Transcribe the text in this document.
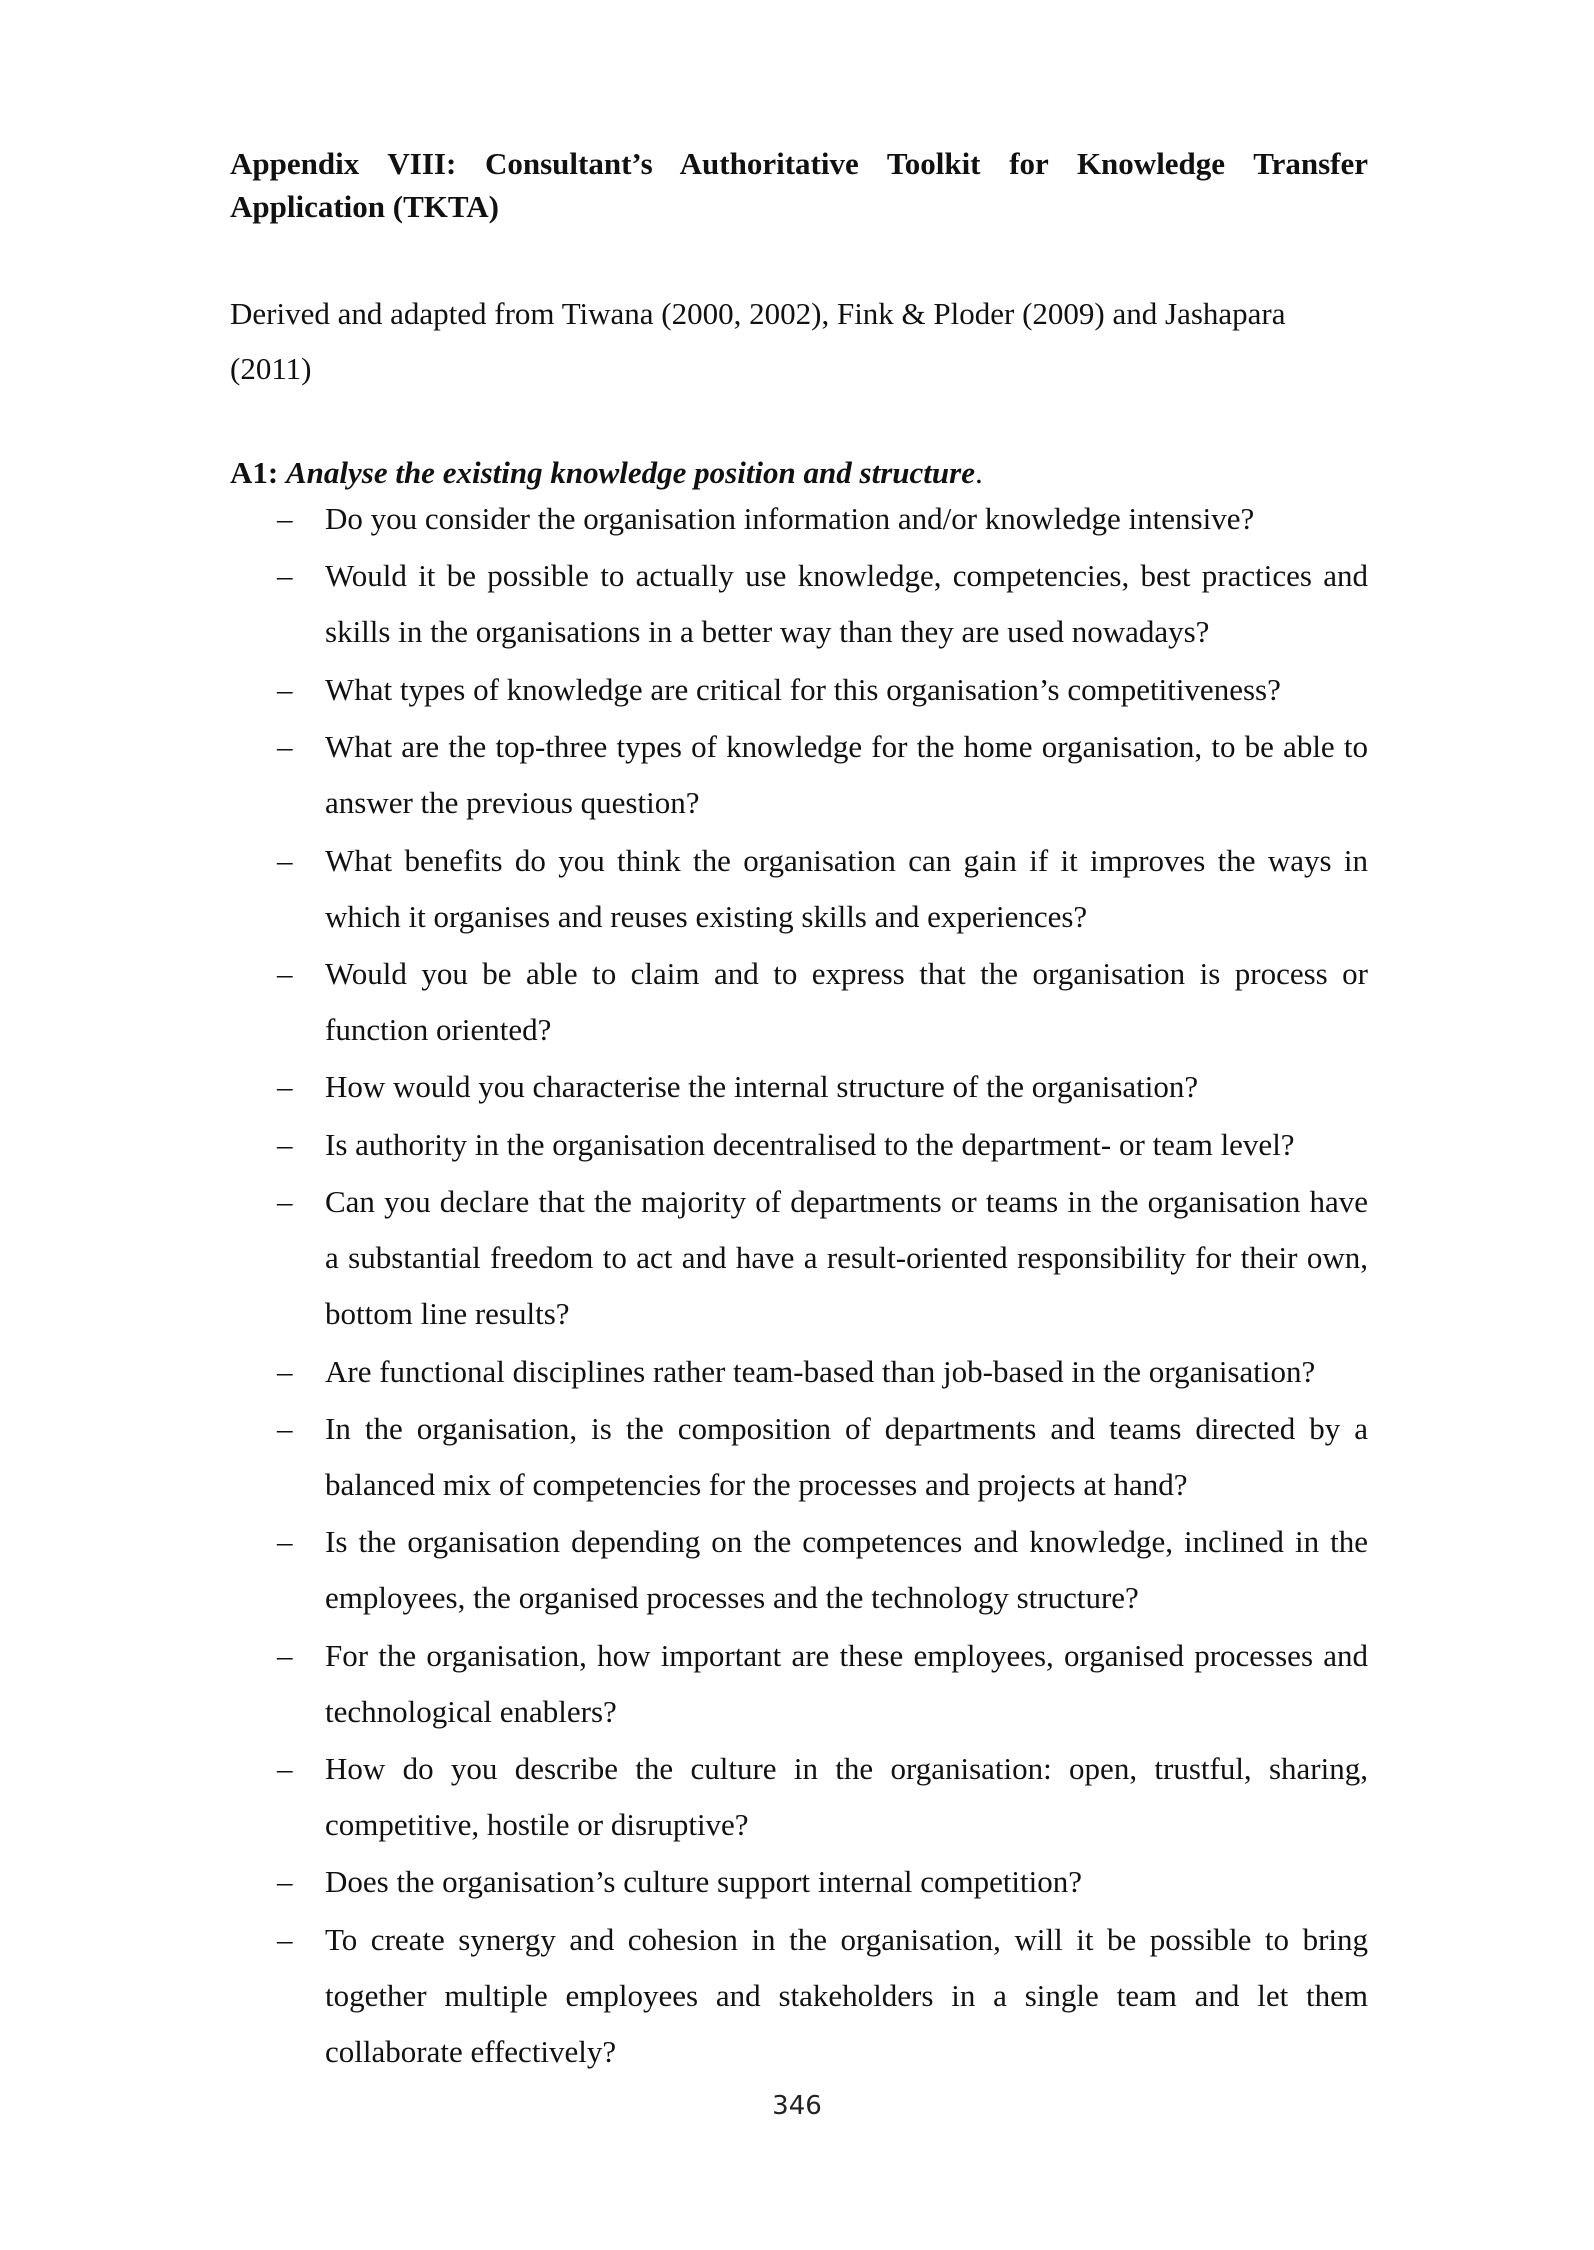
Appendix VIII: Consultant’s Authoritative Toolkit for Knowledge Transfer Application (TKTA)
Derived and adapted from Tiwana (2000, 2002), Fink & Ploder (2009) and Jashapara (2011)
A1: Analyse the existing knowledge position and structure.
–	Do you consider the organisation information and/or knowledge intensive?
–	Would it be possible to actually use knowledge, competencies, best practices and skills in the organisations in a better way than they are used nowadays?
–	What types of knowledge are critical for this organisation’s competitiveness?
–	What are the top-three types of knowledge for the home organisation, to be able to answer the previous question?
–	What benefits do you think the organisation can gain if it improves the ways in which it organises and reuses existing skills and experiences?
–	Would you be able to claim and to express that the organisation is process or function oriented?
–	How would you characterise the internal structure of the organisation?
–	Is authority in the organisation decentralised to the department- or team level?
–	Can you declare that the majority of departments or teams in the organisation have a substantial freedom to act and have a result-oriented responsibility for their own, bottom line results?
–	Are functional disciplines rather team-based than job-based in the organisation?
–	In the organisation, is the composition of departments and teams directed by a balanced mix of competencies for the processes and projects at hand?
–	Is the organisation depending on the competences and knowledge, inclined in the employees, the organised processes and the technology structure?
–	For the organisation, how important are these employees, organised processes and technological enablers?
–	How do you describe the culture in the organisation: open, trustful, sharing, competitive, hostile or disruptive?
–	Does the organisation’s culture support internal competition?
–	To create synergy and cohesion in the organisation, will it be possible to bring together multiple employees and stakeholders in a single team and let them collaborate effectively?
346
